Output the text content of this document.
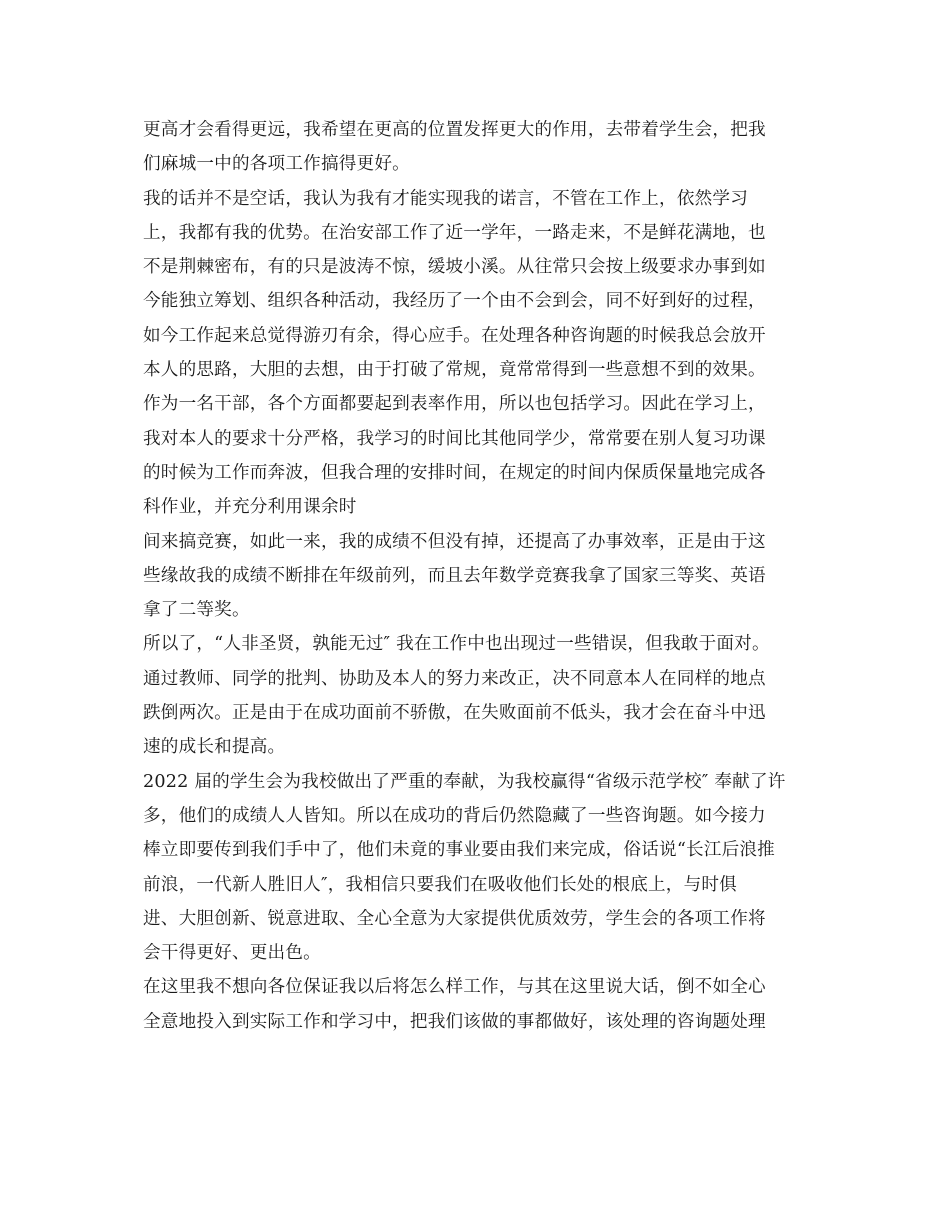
更高才会看得更远，我希望在更高的位置发挥更大的作用，去带着学生会，把我
们麻城一中的各项工作搞得更好。
我的话并不是空话，我认为我有才能实现我的诺言，不管在工作上，依然学习
上，我都有我的优势。在治安部工作了近一学年，一路走来，不是鲜花满地，也
不是荆棘密布，有的只是波涛不惊，缓坡小溪。从往常只会按上级要求办事到如
今能独立筹划、组织各种活动，我经历了一个由不会到会，同不好到好的过程，
如今工作起来总觉得游刃有余，得心应手。在处理各种咨询题的时候我总会放开
本人的思路，大胆的去想，由于打破了常规，竟常常得到一些意想不到的效果。
作为一名干部，各个方面都要起到表率作用，所以也包括学习。因此在学习上，
我对本人的要求十分严格，我学习的时间比其他同学少，常常要在别人复习功课
的时候为工作而奔波，但我合理的安排时间，在规定的时间内保质保量地完成各
科作业，并充分利用课余时
间来搞竞赛，如此一来，我的成绩不但没有掉，还提高了办事效率，正是由于这
些缘故我的成绩不断排在年级前列，而且去年数学竞赛我拿了国家三等奖、英语
拿了二等奖。
所以了，“人非圣贤，孰能无过″ 我在工作中也出现过一些错误，但我敢于面对。
通过教师、同学的批判、协助及本人的努力来改正，决不同意本人在同样的地点
跌倒两次。正是由于在成功面前不骄傲，在失败面前不低头，我才会在奋斗中迅
速的成长和提高。
2022 届的学生会为我校做出了严重的奉献，为我校赢得“省级示范学校″ 奉献了许
多，他们的成绩人人皆知。所以在成功的背后仍然隐藏了一些咨询题。如今接力
棒立即要传到我们手中了，他们未竟的事业要由我们来完成，俗话说“长江后浪推
前浪，一代新人胜旧人″，我相信只要我们在吸收他们长处的根底上，与时俱
进、大胆创新、锐意进取、全心全意为大家提供优质效劳，学生会的各项工作将
会干得更好、更出色。
在这里我不想向各位保证我以后将怎么样工作，与其在这里说大话，倒不如全心
全意地投入到实际工作和学习中，把我们该做的事都做好，该处理的咨询题处理
